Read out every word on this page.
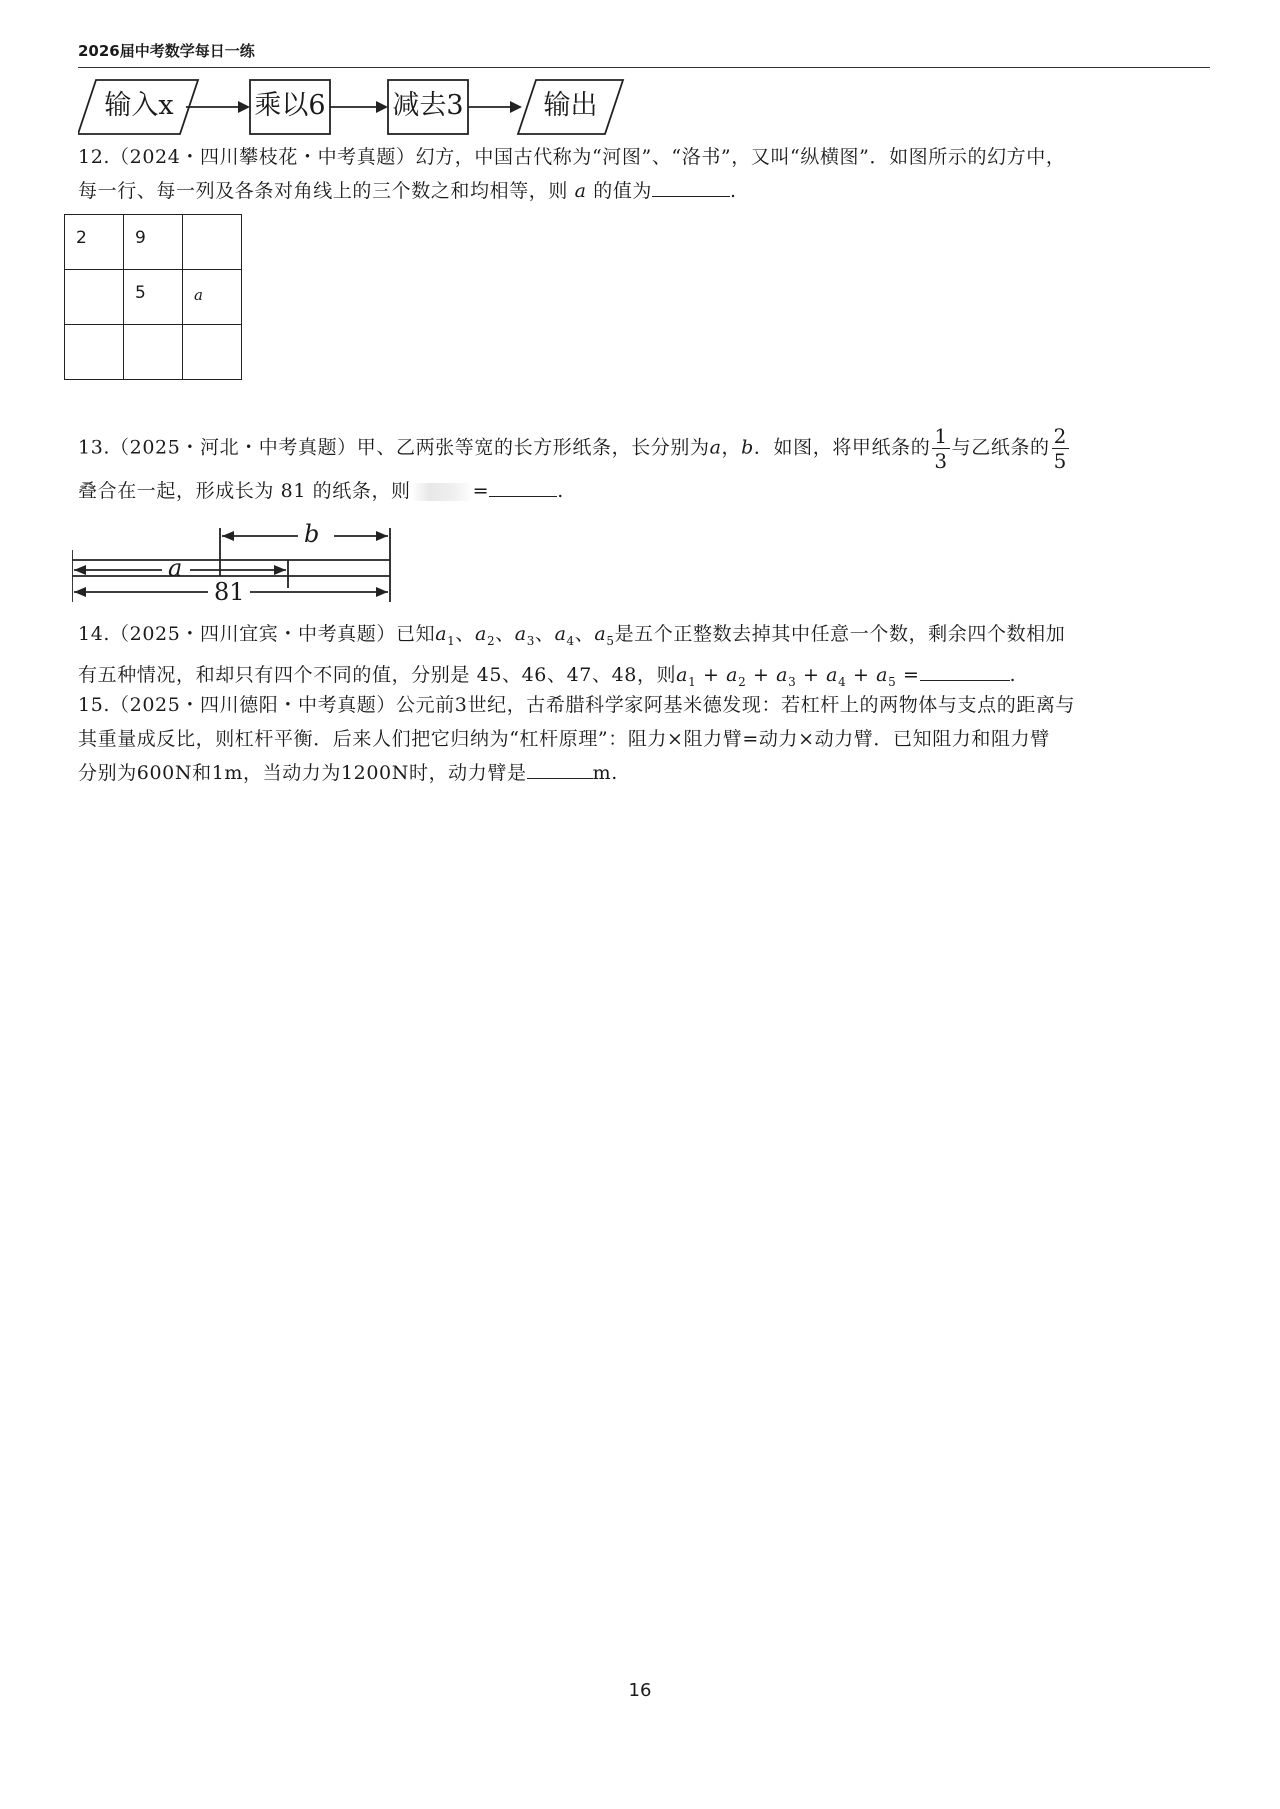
2026届中考数学每日一练
输入x	乘以6 减去3	输出
12.（2024・四川攀枝花・中考真题）幻方，中国古代称为“河图”、“洛书”，又叫“纵横图”．如图所示的幻方中，
每一行、每一列及各条对角线上的三个数之和均相等，则 a 的值为	.
2	9	
	5	a

13.（2025・河北・中考真题）甲、乙两张等宽的长方形纸条，长分别为a，b．如图，将甲纸条的 $\frac{1}{3}$ 与乙纸条的 $\frac{2}{5}$
叠合在一起，形成长为 81 的纸条，则	=	.
b
a
81
14.（2025・四川宜宾・中考真题）已知$a_1$、$a_2$、$a_3$、$a_4$、$a_5$是五个正整数去掉其中任意一个数，剩余四个数相加
有五种情况，和却只有四个不同的值，分别是 45、46、47、48，则$a_1 + a_2 + a_3 + a_4 + a_5$ =	.
15.（2025・四川德阳・中考真题）公元前3世纪，古希腊科学家阿基米德发现：若杠杆上的两物体与支点的距离与
其重量成反比，则杠杆平衡．后来人们把它归纳为“杠杆原理”：阻力×阻力臂=动力×动力臂．已知阻力和阻力臂
分别为600N和1m，当动力为1200N时，动力臂是	m.
16
